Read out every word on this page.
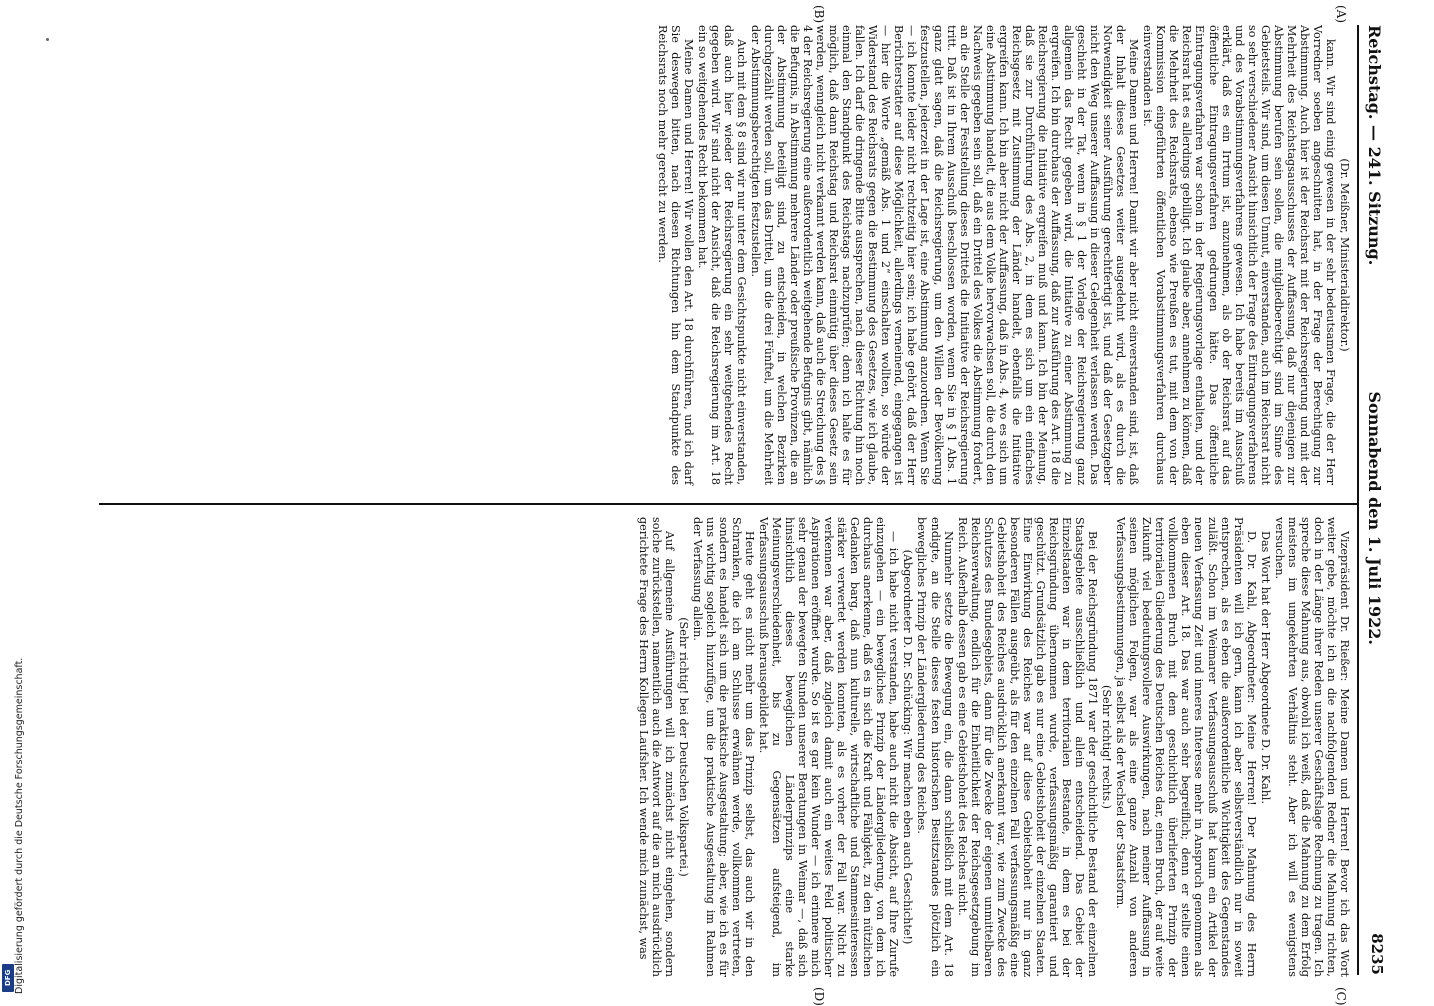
DFG Digitalisierung gefördert durch die Deutsche Forschungsgemeinschaft.
Reichstag. — 241. Sitzung.
Sonnabend den 1. Juli 1922.
8235
(A)
(B)
(C)
(D)

(Dr. Meißner, Ministerialdirektor.)

kann. Wir sind einig gewesen in der sehr bedeutsamen Frage, die der Herr Vorredner soeben angeschnitten hat, in der Frage der Berechtigung zur Abstimmung. Auch hier ist der Reichsrat mit der Reichsregierung und mit der Mehrheit des Reichstagsausschusses der Auffassung, daß nur diejenigen zur Abstimmung berufen sein sollen, die mitgliedberechtigt sind im Sinne des Gebietsteils. Wir sind, um diesen Unmut, einverstanden, auch im Reichsrat nicht so sehr verschiedener Ansicht hinsichtlich der Frage des Eintragungsverfahrens und des Vorabstimmungsverfahrens gewesen. Ich habe bereits im Ausschuß erklärt, daß es ein Irrtum ist, anzunehmen, als ob der Reichsrat auf das öffentliche Eintragungsverfahren gedrungen hätte. Das öffentliche Eintragungsverfahren war schon in der Regierungsvorlage enthalten, und der Reichsrat hat es allerdings gebilligt. Ich glaube aber, annehmen zu können, daß die Mehrheit des Reichsrats, ebenso wie Preußen es tut, mit dem von der Kommission eingeführten öffentlichen Vorabstimmungsverfahren durchaus einverstanden ist.

Meine Damen und Herren! Damit wir aber nicht einverstanden sind, ist, daß der Inhalt dieses Gesetzes weiter ausgedehnt wird, als es durch die Notwendigkeit seiner Ausführung gerechtfertigt ist, und daß der Gesetzgeber nicht den Weg unserer Auffassung in dieser Gelegenheit verlassen werden. Das geschieht in der Tat, wenn in § 1 der Vorlage der Reichsregierung ganz allgemein das Recht gegeben wird, die Initiative zu einer Abstimmung zu ergreifen. Ich bin durchaus der Auffassung, daß zur Ausführung des Art. 18 die Reichsregierung die Initiative ergreifen muß und kann. Ich bin der Meinung, daß sie zur Durchführung des Abs. 2, in dem es sich um ein einfaches Reichsgesetz mit Zustimmung der Länder handelt, ebenfalls die Initiative ergreifen kann. Ich bin aber nicht der Auffassung, daß in Abs. 4, wo es sich um eine Abstimmung handelt, die aus dem Volke hervorwachsen soll, die durch den Nachweis gegeben sein soll, daß ein Drittel des Volkes die Abstimmung fordert, an die Stelle der Feststellung dieses Drittels die Initiative der Reichsregierung tritt. Daß ist in Ihrem Ausschuß beschlossen worden, wenn Sie in § 1 Abs. 1 ganz glatt sagen, daß die Reichsregierung, um den Willen der Bevölkerung festzustellen, jederzeit in der Lage ist, eine Abstimmung anzuordnen. Wenn Sie — ich konnte leider nicht rechtzeitig hier sein; ich habe gehört, daß der Herr Berichterstatter auf diese Möglichkeit, allerdings verneinend, eingegangen ist — hier die Worte „gemäß Abs. 1 und 2“ einschalten wollten, so würde der Widerstand des Reichsrats gegen die Bestimmung des Gesetzes, wie ich glaube, fallen. Ich darf die dringende Bitte aussprechen, nach dieser Richtung hin noch einmal den Standpunkt des Reichstags nachzuprüfen; denn ich halte es für möglich, daß dann Reichstag und Reichsrat einmütig über dieses Gesetz sein werden, wenngleich nicht verkannt werden kann, daß auch die Streichung des § 4 der Reichsregierung eine außerordentlich weitgehende Befugnis gibt, nämlich die Befugnis, in Abstimmung mehrere Länder oder preußische Provinzen, die an der Abstimmung beteiligt sind, zu entscheiden, in welchen Bezirken durchgezählt werden soll, um das Drittel, um die drei Fünftel, um die Mehrheit der Abstimmungsberechtigten festzustellen.

Auch mit dem § 8 sind wir nur unter dem Gesichtspunkte nicht einverstanden, daß auch hier wieder der Reichsregierung ein sehr weitgehendes Recht gegeben wird. Wir sind nicht der Ansicht, daß die Reichsregierung im Art. 18 ein so weitgehendes Recht bekommen hat.

Meine Damen und Herren! Wir wollen den Art. 18 durchführen, und ich darf Sie deswegen bitten, nach diesen Richtungen hin dem Standpunkte des Reichsrats noch mehr gerecht zu werden.

Vizepräsident Dr. Rießer: Meine Damen und Herren! Bevor ich das Wort weiter gebe, möchte ich an die nachfolgenden Redner die Mahnung richten, doch in der Länge ihrer Reden unserer Geschäftslage Rechnung zu tragen. Ich spreche diese Mahnung aus, obwohl ich weiß, daß die Mahnung zu dem Erfolg meistens im umgekehrten Verhältnis steht. Aber ich will es wenigstens versuchen.

Das Wort hat der Herr Abgeordnete D. Dr. Kahl.

D. Dr. Kahl, Abgeordneter: Meine Herren! Der Mahnung des Herrn Präsidenten will ich gern, kann ich aber selbstverständlich nur in soweit entsprechen, als es eben die außerordentliche Wichtigkeit des Gegenstandes zuläßt. Schon im Weimarer Verfassungsausschuß hat kaum ein Artikel der neuen Verfassung Zeit und inneres Interesse mehr in Anspruch genommen als eben dieser Art. 18. Das war auch sehr begreiflich; denn er stellte einen vollkommenen Bruch mit dem geschichtlich überlieferten Prinzip der territorialen Gliederung des Deutschen Reiches dar, einen Bruch, der auf weite Zukunft viel bedeutungsvollere Auswirkungen, nach meiner Auffassung in seinen möglichen Folgen, war als eine ganze Anzahl von anderen Verfassungsbestimmungen, ja selbst als der Wechsel der Staatsform.

(Sehr richtig! rechts.)

Bei der Reichsgründung 1871 war der geschichtliche Bestand der einzelnen Staatsgebiete ausschließlich und allein entscheidend. Das Gebiet der Einzelstaaten war in dem territorialen Bestande, in dem es bei der Reichsgründung übernommen wurde, verfassungsmäßig garantiert und geschützt. Grundsätzlich gab es nur eine Gebietshoheit der einzelnen Staaten. Eine Einwirkung des Reiches war auf diese Gebietshoheit nur in ganz besonderen Fällen ausgeübt, als für den einzelnen Fall verfassungsmäßig eine Gebietshoheit des Reiches ausdrücklich anerkannt war, wie zum Zwecke des Schutzes des Bundesgebiets, dann für die Zwecke der eigenen unmittelbaren Reichsverwaltung, endlich für die Einheitlichkeit der Reichsgesetzgebung im Reich. Außerhalb dessen gab es eine Gebietshoheit des Reiches nicht.

Nunmehr setzte die Bewegung ein, die dann schließlich mit dem Art. 18 endigte, an die Stelle dieses festen historischen Besitzstandes plötzlich ein bewegliches Prinzip der Ländergliederung des Reiches.

(Abgeordneter D. Dr. Schücking: Wir machen eben auch Geschichte!)

— ich habe nicht verstanden, habe auch nicht die Absicht, auf Ihre Zurufe einzugehen — ein bewegliches Prinzip der Ländergliederung, von dem ich durchaus anerkenne, daß es in sich die Kraft und Fähigkeit, zu den nützlichen Gedanken barg, daß nun kulturelle, wirtschaftliche und Stammesinteressen stärker verwertet werden konnten, als es vorher der Fall war. Nicht zu verkennen war aber, daß zugleich damit auch ein weites Feld politischer Aspirationen eröffnet wurde. So ist es gar kein Wunder — ich erinnere mich sehr genau der bewegten Stunden unserer Beratungen in Weimar —, daß sich hinsichtlich dieses beweglichen Länderprinzips eine starke Meinungsverschiedenheit, bis zu Gegensätzen aufsteigend, im Verfassungsausschuß herausgebildet hat.

Heute geht es nicht mehr um das Prinzip selbst, das auch wir in den Schranken, die ich am Schlusse erwähnen werde, vollkommen vertreten, sondern es handelt sich um die praktische Ausgestaltung; aber, wie ich es für uns wichtig sogleich hinzufüge, um die praktische Ausgestaltung im Rahmen der Verfassung allein.

(Sehr richtig! bei der Deutschen Volkspartei.)

Auf allgemeine Ausführungen will ich zunächst nicht eingehen, sondern solche zurückstellen, namentlich auch die Antwort auf die an mich ausdrücklich gerichtete Frage des Herrn Kollegen Laufsher. Ich wende mich zunächst, was
